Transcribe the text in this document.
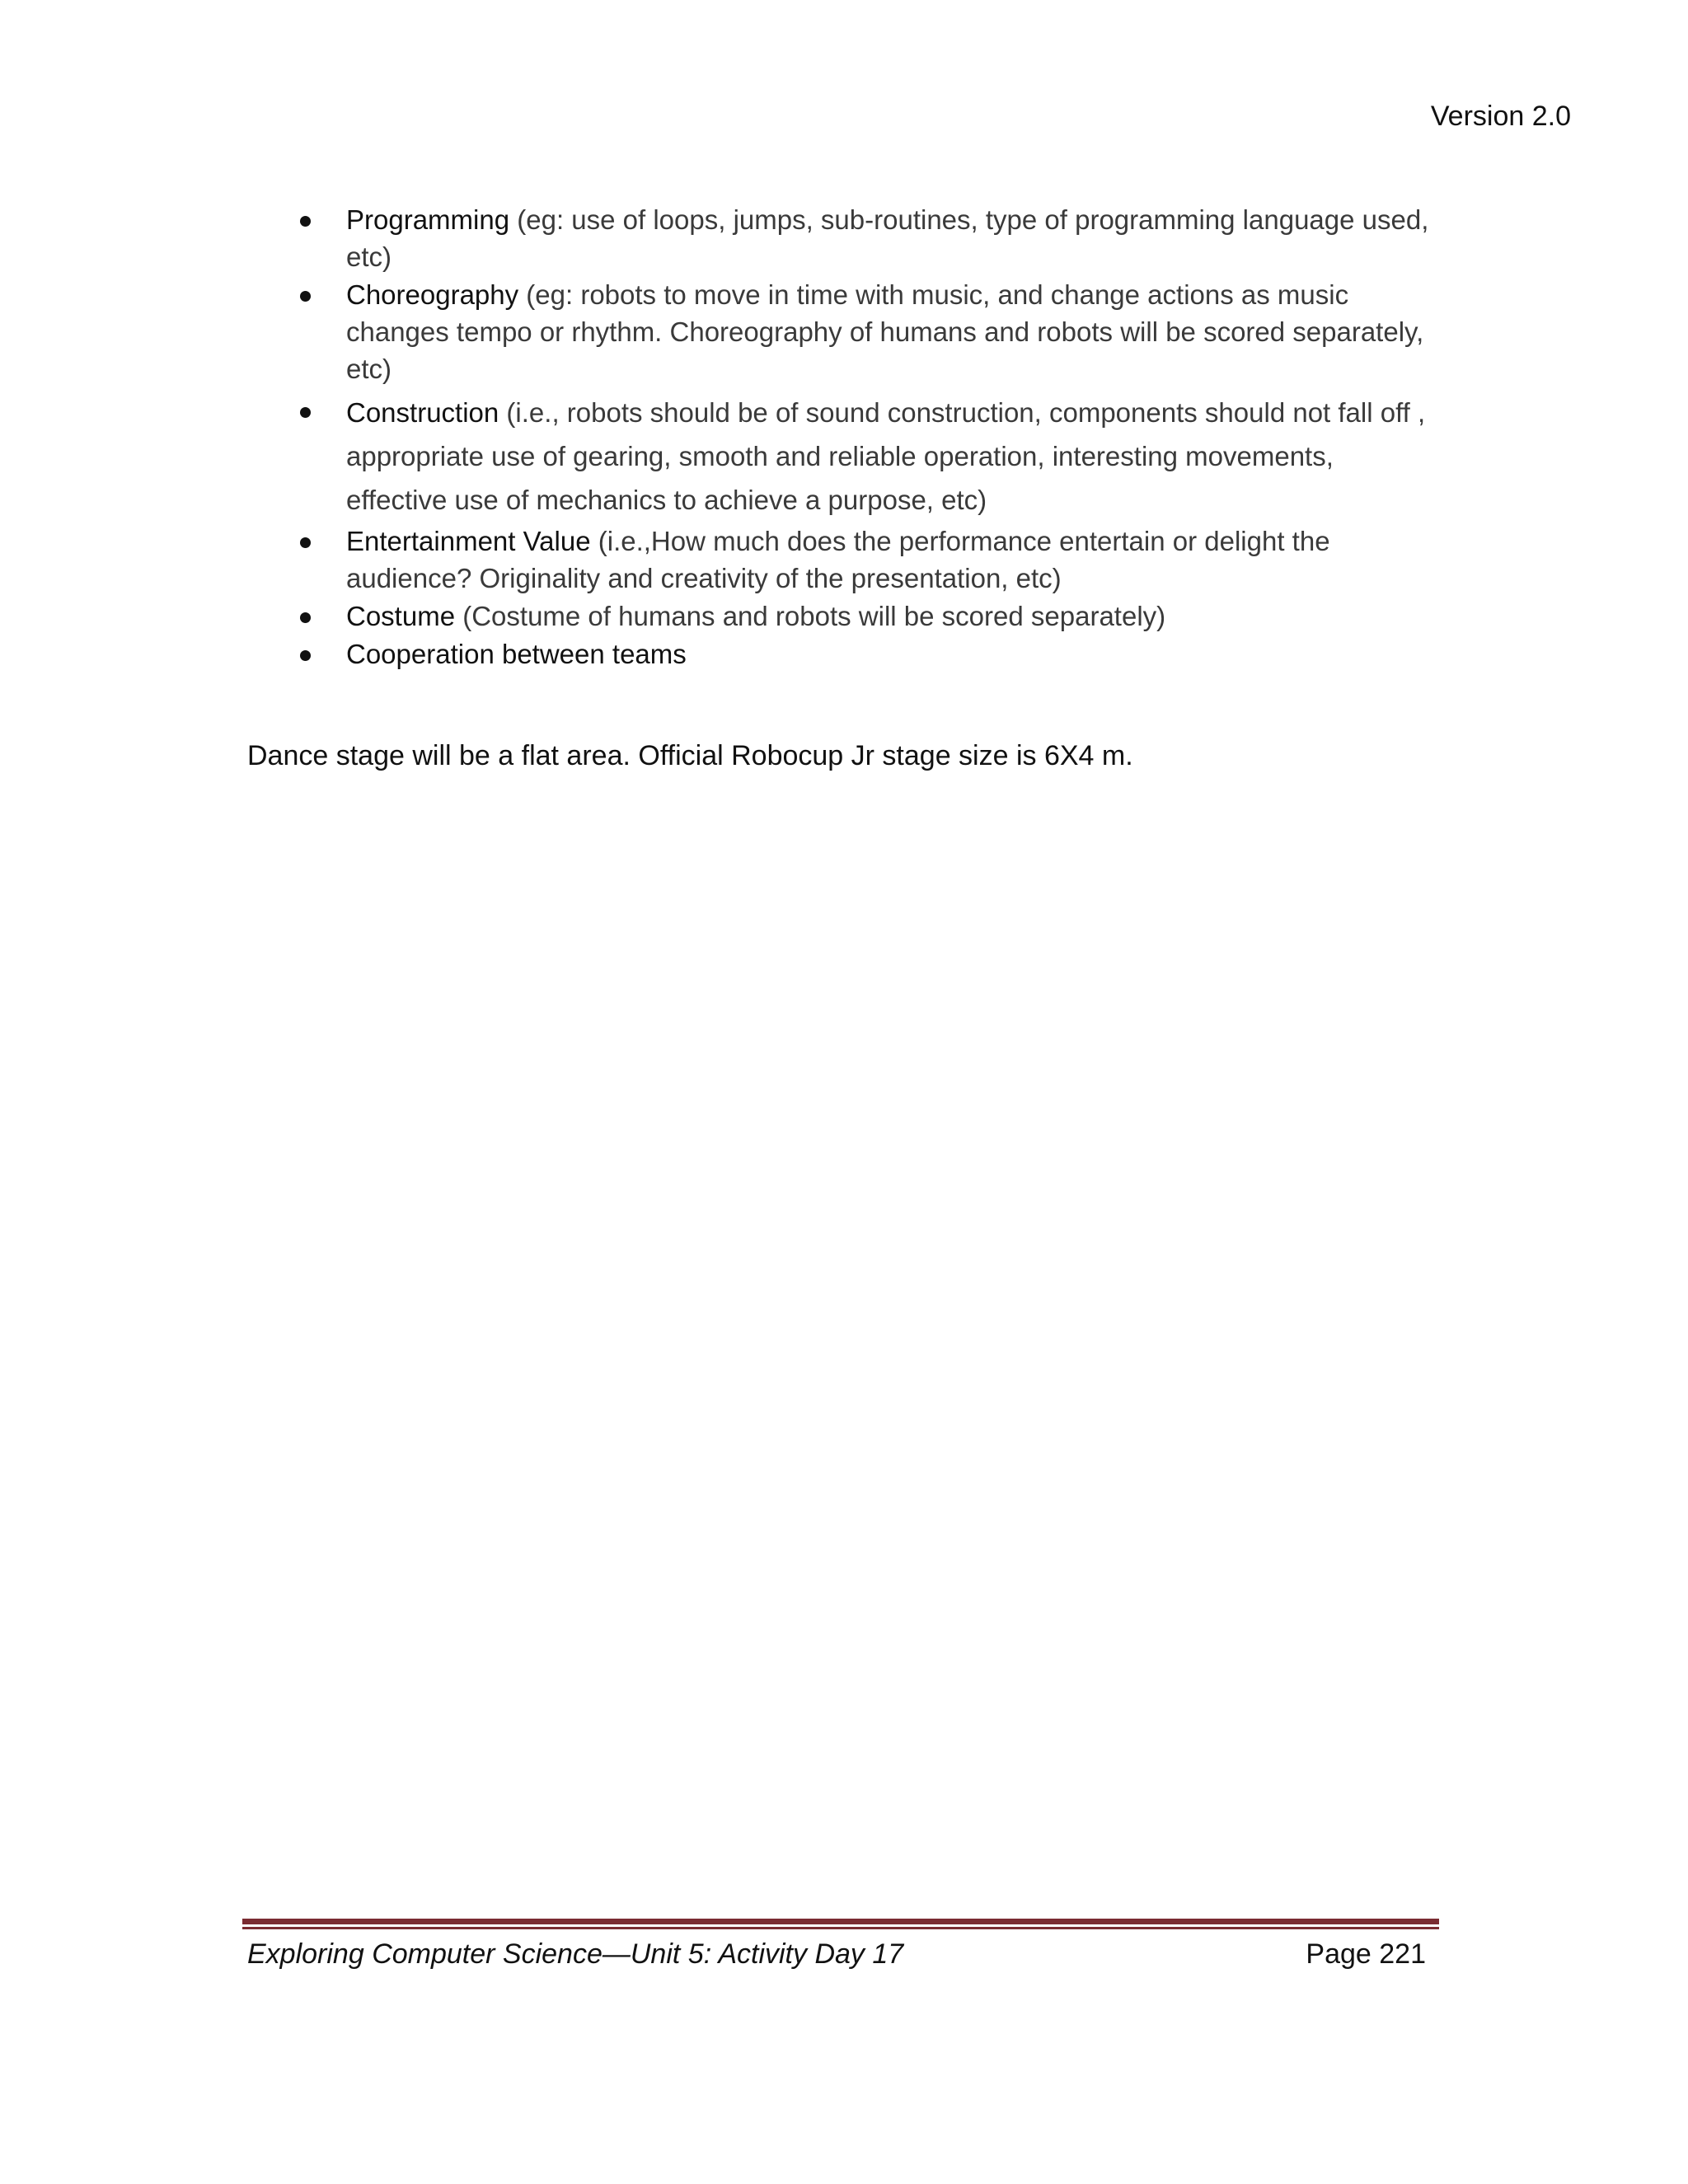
Version 2.0
Programming (eg: use of loops, jumps, sub-routines, type of programming language used, etc)
Choreography (eg: robots to move in time with music, and change actions as music changes tempo or rhythm. Choreography of humans and robots will be scored separately, etc)
Construction (i.e., robots should be of sound construction, components should not fall off , appropriate use of gearing, smooth and reliable operation, interesting movements, effective use of mechanics to achieve a purpose, etc)
Entertainment Value (i.e.,How much does the performance entertain or delight the audience? Originality and creativity of the presentation, etc)
Costume (Costume of humans and robots will be scored separately)
Cooperation between teams
Dance stage will be a flat area. Official Robocup Jr stage size is 6X4 m.
Exploring Computer Science—Unit 5: Activity Day 17	Page 221
